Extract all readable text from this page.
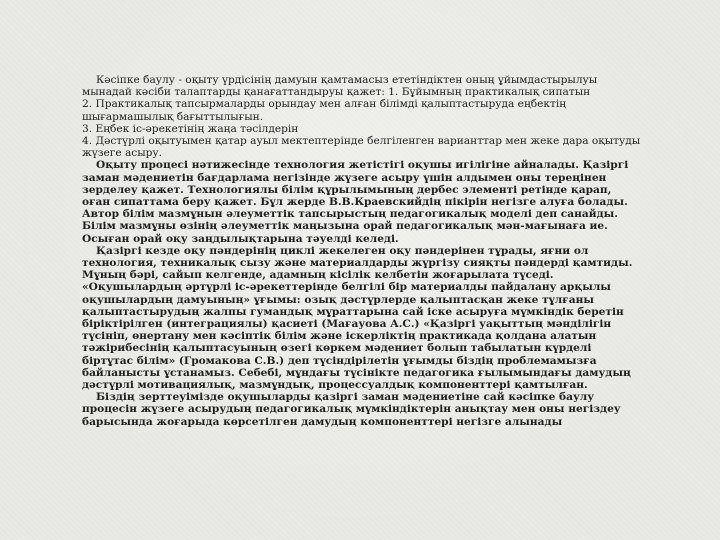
Кәсіпке баулу - оқыту үрдісінің дамуын қамтамасыз ететіндіктен оның ұйымдастырылуы мынадай кәсіби талаптарды қанағаттандыруы қажет: 1. Бұйымның практикалық сипатын

2. Практикалық тапсырмаларды орындау мен алған білімді қалыптастыруда еңбектің шығармашылық бағыттылығын.

3. Еңбек іс-әрекетінің жаңа тәсілдерін

4. Дәстүрлі оқытуымен қатар ауыл мектептерінде белгіленген варианттар мен жеке дара оқытуды жүзеге асыру.

Оқыту процесі нәтижесінде технология жетістігі оқушы игілігіне айналады. Қазіргі заман мәдениетін бағдарлама негізінде жүзеге асыру үшін алдымен оны тереңінен зерделеу қажет. Технологиялы білім құрылымының дербес элементі ретінде қарап, оған сипаттама беру қажет. Бұл жерде В.В.Краевскийдің пікірін негізге алуға болады. Автор білім мазмұнын әлеуметтік тапсырыстың педагогикалық моделі деп санайды. Білім мазмұны өзінің әлеуметтік маңызына орай педагогикалық мән-мағынаға ие. Осыған орай оқу заңдылықтарына тәуелді келеді.

Қазіргі кезде оқу пәндерінің циклі жекелеген оқу пәндерінен тұрады, яғни ол технология, техникалық сызу және материалдарды жүргізу сияқты пәндерді қамтиды. Мұның бәрі, сайып келгенде, адамның кісілік келбетін жоғарылата түседі. «Оқушылардың әртүрлі іс-әрекеттерінде белгілі бір материалды пайдалану арқылы оқушылардың дамуының» ұғымы: озық дәстүрлерде қалыптасқан жеке тұлғаны қалыптастырудың жалпы гумандық мұраттарына сай іске асыруға мүмкіндік беретін біріктірілген (интеграциялы) қасиеті (Мағауова А.С.) «Қазіргі уақыттың мәнділігін түсініп, өнертану мен кәсіптік білім және іскерліктің практикада қолдана алатын тәжірибесінің қалыптасуының өзегі көркем мәдениет болып табылатын күрделі біртұтас білім» (Громакова С.В.) деп түсіндірілетін ұғымды біздің проблемамызға байланысты ұстанамыз. Себебі, мұндағы түсінікте педагогика ғылымындағы дамудың дәстүрлі мотивациялық, мазмұндық, процессуалдық компоненттері қамтылған.

Біздің зерттеуімізде оқушыларды қазіргі заман мәдениетіне сай кәсіпке баулу процесін жүзеге асырудың педагогикалық мүмкіндіктерін анықтау мен оны негіздеу барысында жоғарыда көрсетілген дамудың компоненттері негізге алынады
